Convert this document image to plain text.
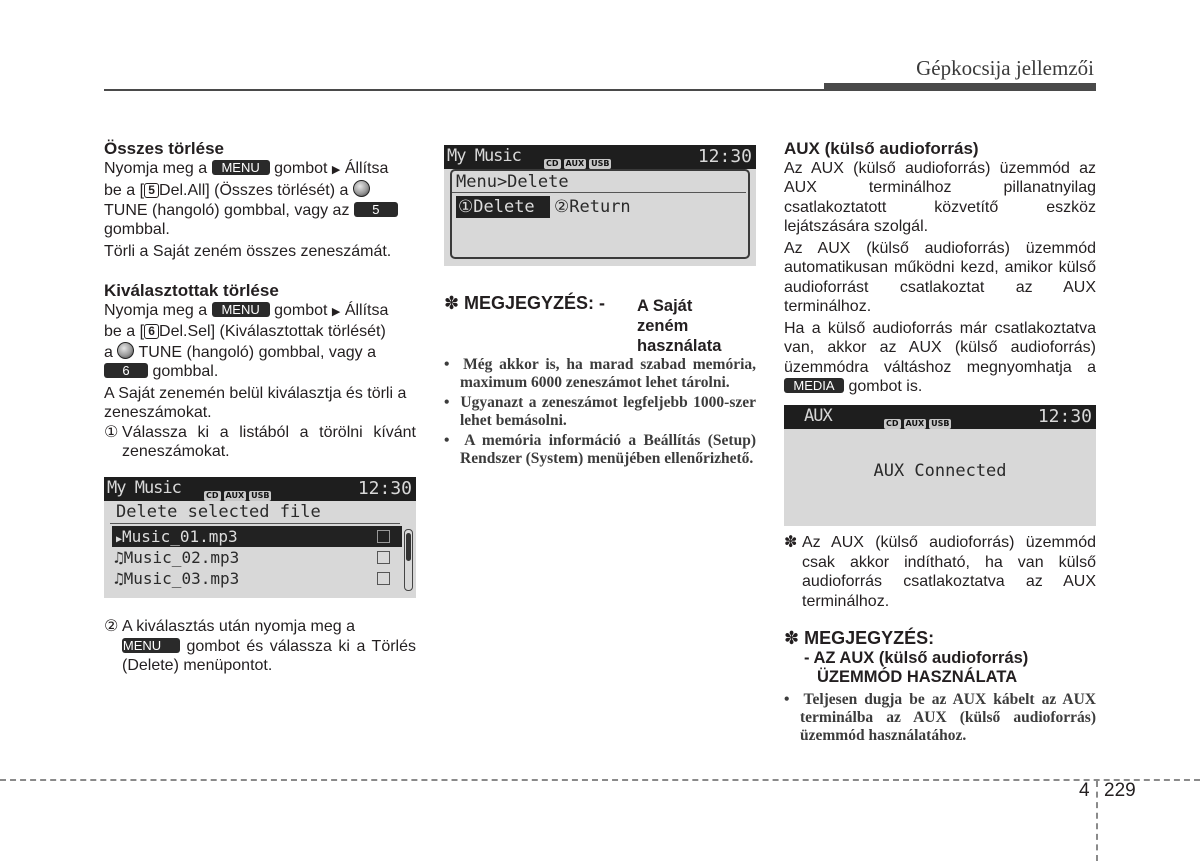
Gépkocsija jellemzői

Összes törlése

Nyomja meg a MENU gombot ▶ Állítsa
be a [ 5 Del.All] (Összes törlését) a
TUNE (hangoló) gombbal, vagy az 5
gombbal.

Törli a Saját zeném összes zeneszámát.

Kiválasztottak törlése

Nyomja meg a MENU gombot ▶ Állítsa
be a [ 6 Del.Sel] (Kiválasztottak törlését)
a TUNE (hangoló) gombbal, vagy a
6 gombbal.

A Saját zenemén belül kiválasztja és törli a zeneszámokat.

① Válassza ki a listából a törölni kívánt zeneszámokat.

My Music	CD AUX USB	12:30
Delete selected file
▶Music_01.mp3
♫Music_02.mp3
♫Music_03.mp3

② A kiválasztás után nyomja meg a
MENU gombot és válassza ki a Törlés (Delete) menüpontot.

My Music	CD AUX USB	12:30
Menu>Delete
①Delete ②Return
✽ MEGJEGYZÉS: - A Saját zeném használata

•  Még akkor is, ha marad szabad memória, maximum 6000 zeneszámot lehet tárolni.

•  Ugyanazt a zeneszámot legfeljebb 1000-szer lehet bemásolni.

•  A memória információ a Beállítás (Setup) Rendszer (System) menüjében ellenőrizhető.

AUX (külső audioforrás)

Az AUX (külső audioforrás) üzemmód az AUX terminálhoz pillanatnyilag csatlakoztatott közvetítő eszköz lejátszására szolgál.

Az AUX (külső audioforrás) üzemmód automatikusan működni kezd, amikor külső audioforrást csatlakoztat az AUX terminálhoz.

Ha a külső audioforrás már csatlakoztatva van, akkor az AUX (külső audioforrás) üzemmódra váltáshoz megnyomhatja a MEDIA gombot is.

AUX	CD AUX USB	12:30
AUX Connected

✽ Az AUX (külső audioforrás) üzemmód csak akkor indítható, ha van külső audioforrás csatlakoztatva az AUX terminálhoz.

✽ MEGJEGYZÉS:

- AZ AUX (külső audioforrás)

ÜZEMMÓD HASZNÁLATA

•  Teljesen dugja be az AUX kábelt az AUX terminálba az AUX (külső audioforrás) üzemmód használatához.

4 229
